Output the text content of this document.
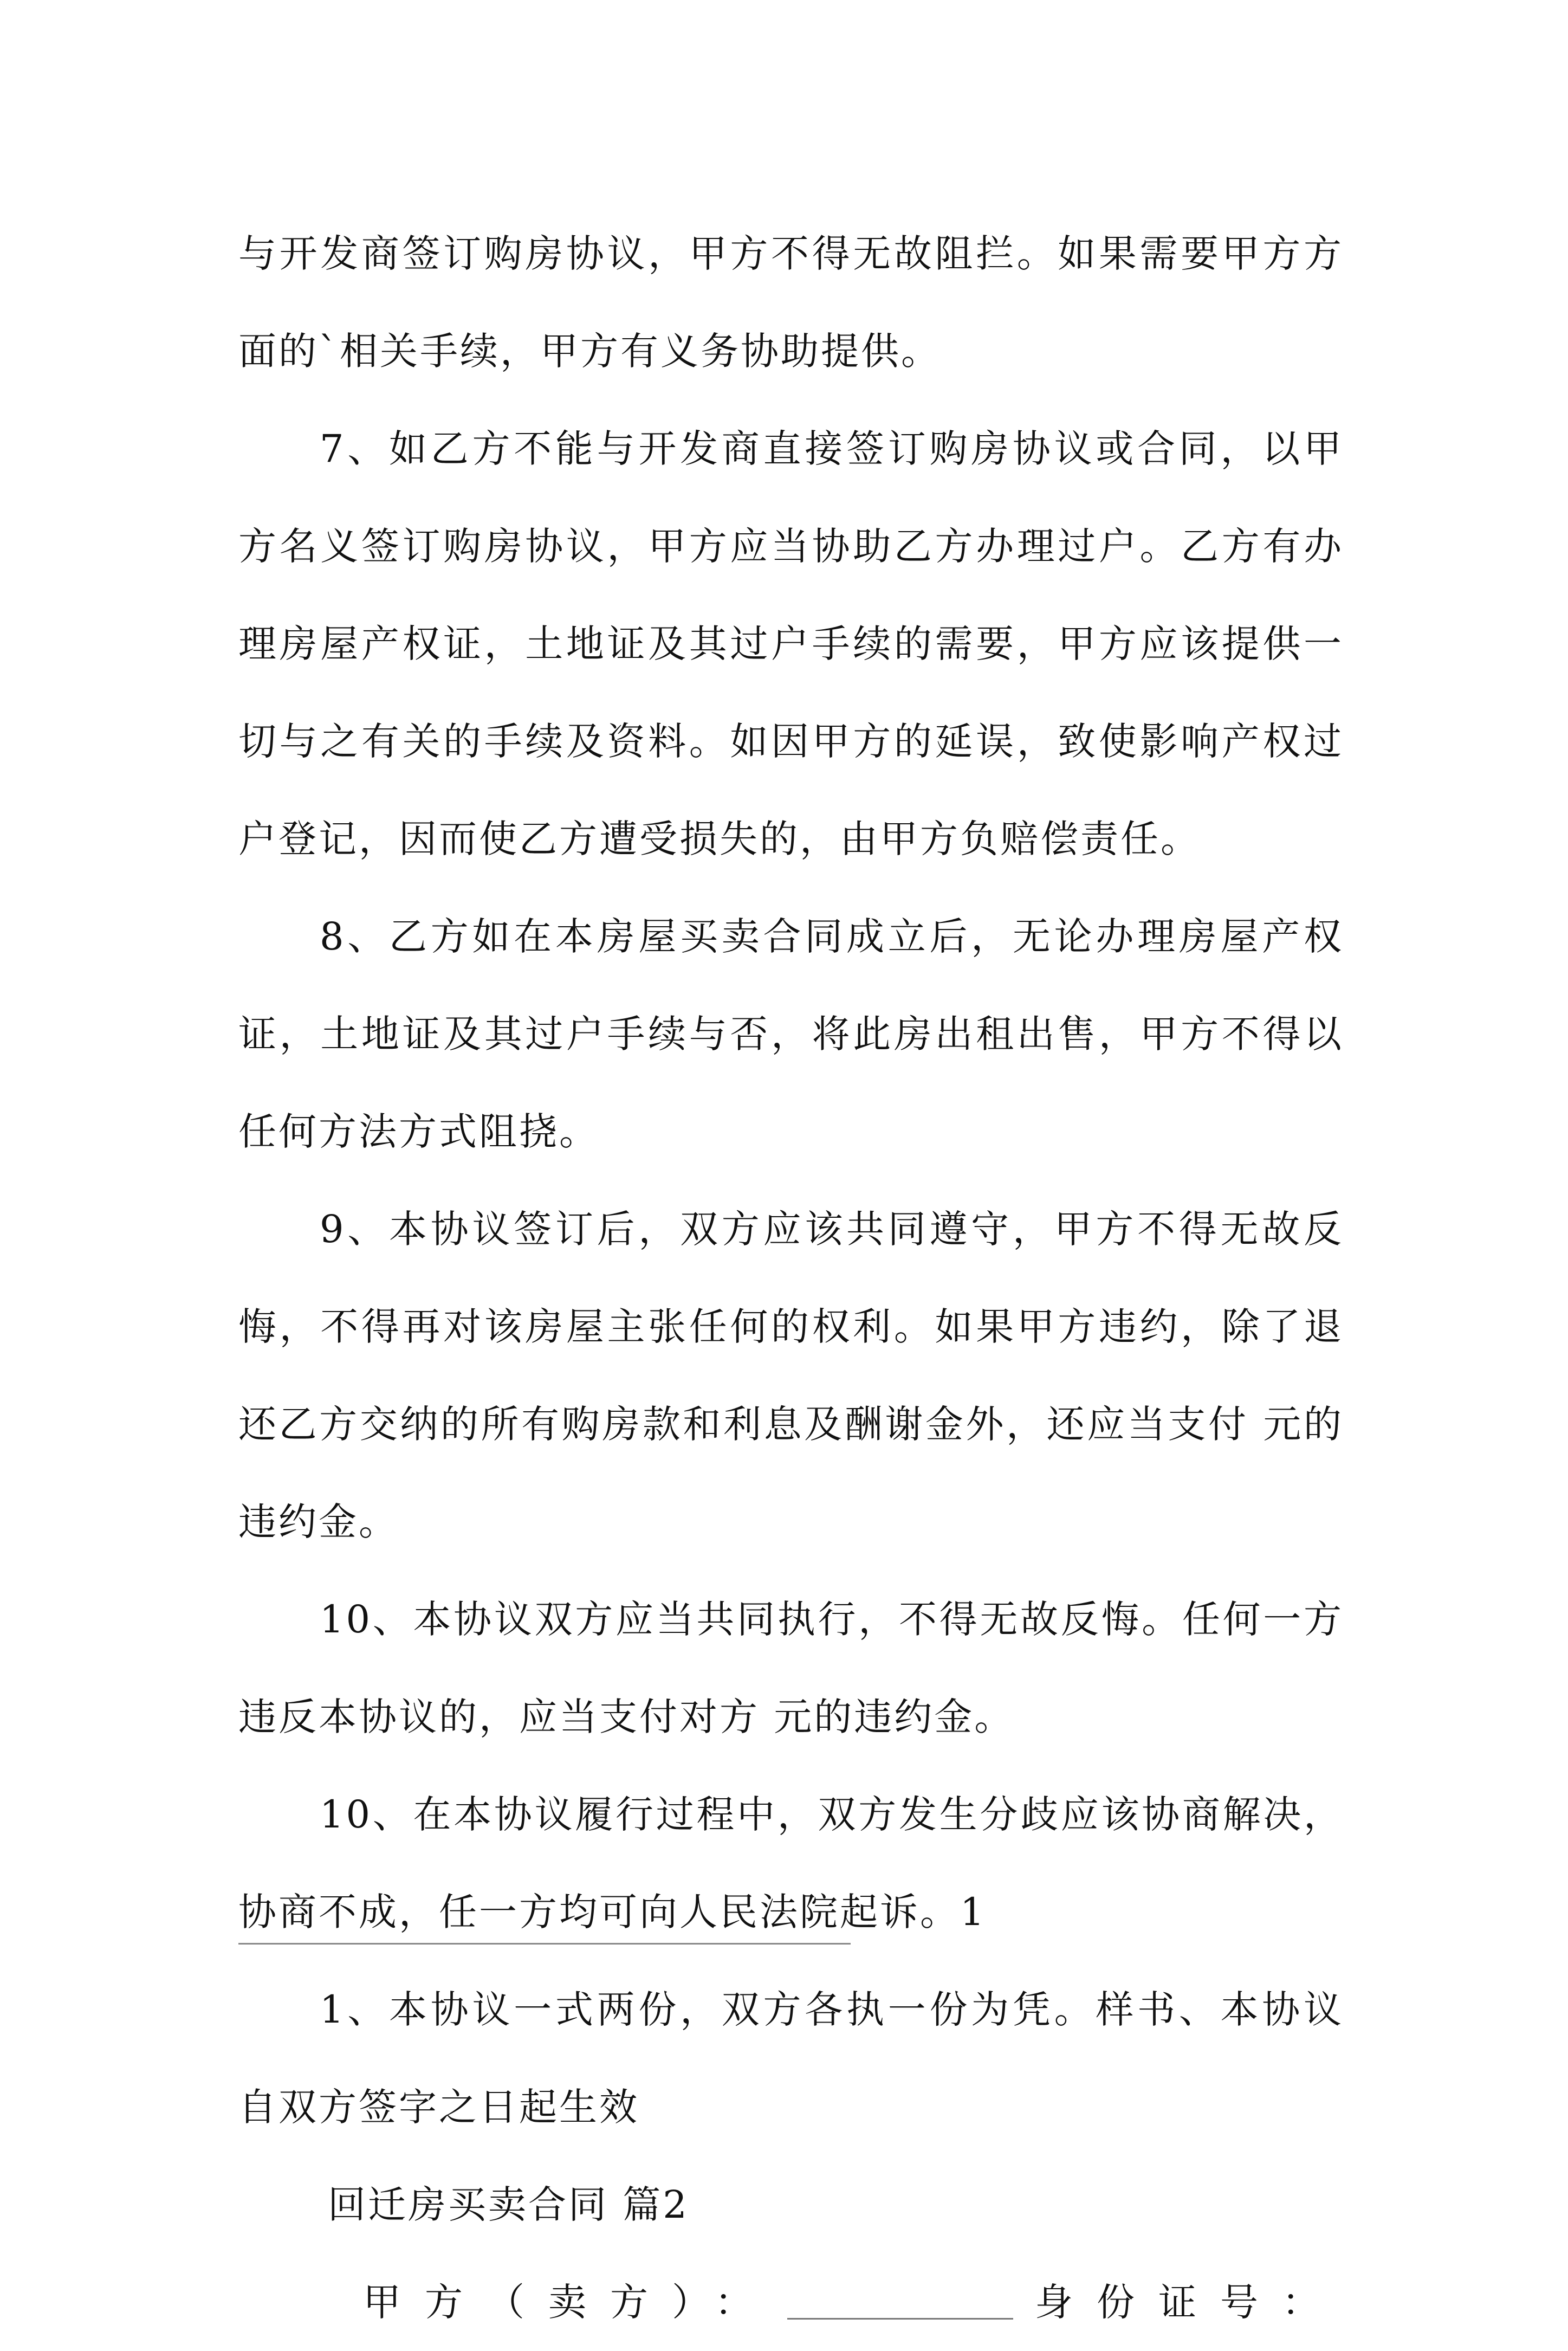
与开发商签订购房协议，甲方不得无故阻拦。如果需要甲方方面的`相关手续，甲方有义务协助提供。

7、如乙方不能与开发商直接签订购房协议或合同，以甲方名义签订购房协议，甲方应当协助乙方办理过户。乙方有办理房屋产权证，土地证及其过户手续的需要，甲方应该提供一切与之有关的手续及资料。如因甲方的延误，致使影响产权过户登记，因而使乙方遭受损失的，由甲方负赔偿责任。

8、乙方如在本房屋买卖合同成立后，无论办理房屋产权证，土地证及其过户手续与否，将此房出租出售，甲方不得以任何方法方式阻挠。

9、本协议签订后，双方应该共同遵守，甲方不得无故反悔，不得再对该房屋主张任何的权利。如果甲方违约，除了退还乙方交纳的所有购房款和利息及酬谢金外，还应当支付 元的违约金。

10、本协议双方应当共同执行，不得无故反悔。任何一方违反本协议的，应当支付对方 元的违约金。

10、在本协议履行过程中，双方发生分歧应该协商解决，协商不成，任一方均可向人民法院起诉。1

1、本协议一式两份，双方各执一份为凭。样书、本协议自双方签字之日起生效

回迁房买卖合同 篇2

甲方（卖方）：	身份证号：
